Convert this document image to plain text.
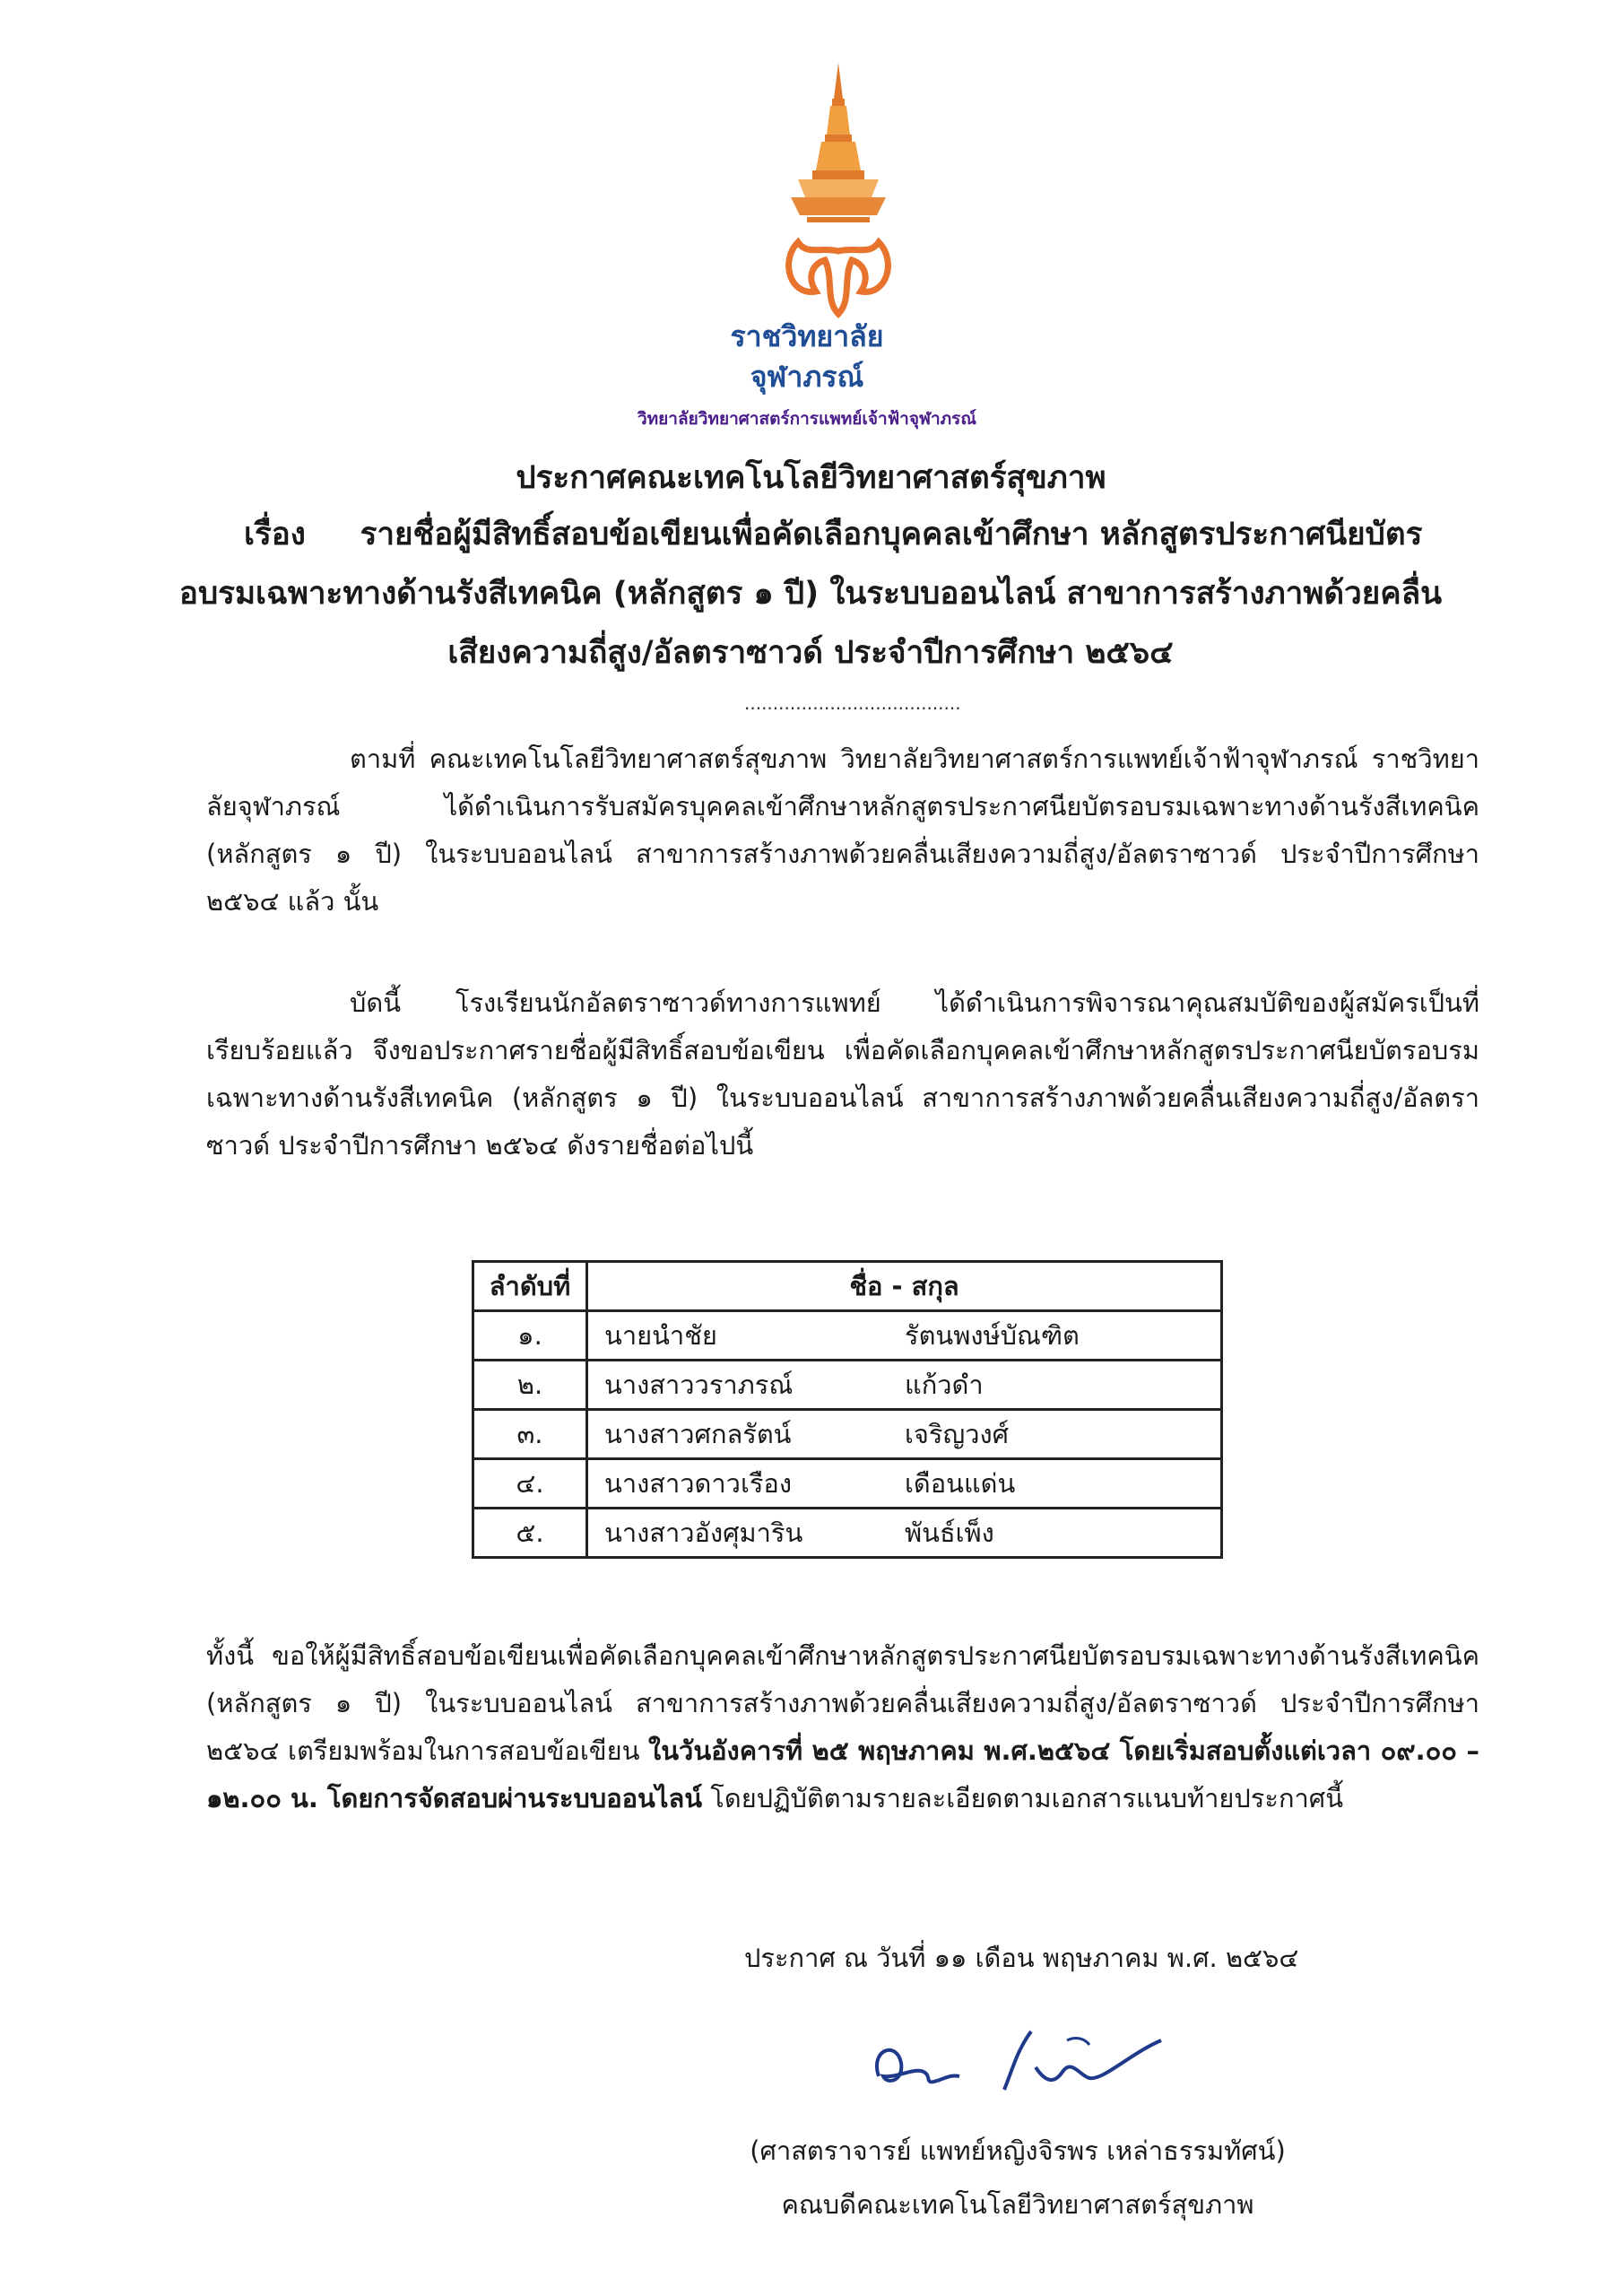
ราชวิทยาลัย
จุฬาภรณ์
วิทยาลัยวิทยาศาสตร์การแพทย์เจ้าฟ้าจุฬาภรณ์
ประกาศคณะเทคโนโลยีวิทยาศาสตร์สุขภาพ
เรื่อง	รายชื่อผู้มีสิทธิ์สอบข้อเขียนเพื่อคัดเลือกบุคคลเข้าศึกษา หลักสูตรประกาศนียบัตร
อบรมเฉพาะทางด้านรังสีเทคนิค (หลักสูตร ๑ ปี) ในระบบออนไลน์ สาขาการสร้างภาพด้วยคลื่น
เสียงความถี่สูง/อัลตราซาวด์ ประจำปีการศึกษา ๒๕๖๔
......................................
ตามที่ คณะเทคโนโลยีวิทยาศาสตร์สุขภาพ วิทยาลัยวิทยาศาสตร์การแพทย์เจ้าฟ้าจุฬาภรณ์ ราชวิทยาลัยจุฬาภรณ์ ได้ดำเนินการรับสมัครบุคคลเข้าศึกษาหลักสูตรประกาศนียบัตรอบรมเฉพาะทางด้านรังสีเทคนิค (หลักสูตร ๑ ปี) ในระบบออนไลน์ สาขาการสร้างภาพด้วยคลื่นเสียงความถี่สูง/อัลตราซาวด์ ประจำปีการศึกษา ๒๕๖๔ แล้ว นั้น
บัดนี้ โรงเรียนนักอัลตราซาวด์ทางการแพทย์ ได้ดำเนินการพิจารณาคุณสมบัติของผู้สมัครเป็นที่เรียบร้อยแล้ว จึงขอประกาศรายชื่อผู้มีสิทธิ์สอบข้อเขียน เพื่อคัดเลือกบุคคลเข้าศึกษาหลักสูตรประกาศนียบัตรอบรมเฉพาะทางด้านรังสีเทคนิค (หลักสูตร ๑ ปี) ในระบบออนไลน์ สาขาการสร้างภาพด้วยคลื่นเสียงความถี่สูง/อัลตราซาวด์ ประจำปีการศึกษา ๒๕๖๔ ดังรายชื่อต่อไปนี้
ลำดับที่	ชื่อ - สกุล
๑.	นายนำชัย รัตนพงษ์บัณฑิต

๒.	นางสาววราภรณ์ แก้วดำ

๓.	นางสาวศกลรัตน์ เจริญวงศ์

๔.	นางสาวดาวเรือง เดือนแด่น

๕.	นางสาวอังศุมาริน พันธ์เพ็ง
ทั้งนี้ ขอให้ผู้มีสิทธิ์สอบข้อเขียนเพื่อคัดเลือกบุคคลเข้าศึกษาหลักสูตรประกาศนียบัตรอบรมเฉพาะทางด้านรังสีเทคนิค (หลักสูตร ๑ ปี) ในระบบออนไลน์ สาขาการสร้างภาพด้วยคลื่นเสียงความถี่สูง/อัลตราซาวด์ ประจำปีการศึกษา ๒๕๖๔ เตรียมพร้อมในการสอบข้อเขียน ในวันอังคารที่ ๒๕ พฤษภาคม พ.ศ.๒๕๖๔ โดยเริ่มสอบตั้งแต่เวลา ๐๙.๐๐ – ๑๒.๐๐ น. โดยการจัดสอบผ่านระบบออนไลน์ โดยปฏิบัติตามรายละเอียดตามเอกสารแนบท้ายประกาศนี้
ประกาศ ณ วันที่ ๑๑ เดือน พฤษภาคม พ.ศ. ๒๕๖๔
(ศาสตราจารย์ แพทย์หญิงจิรพร เหล่าธรรมทัศน์)
คณบดีคณะเทคโนโลยีวิทยาศาสตร์สุขภาพ
